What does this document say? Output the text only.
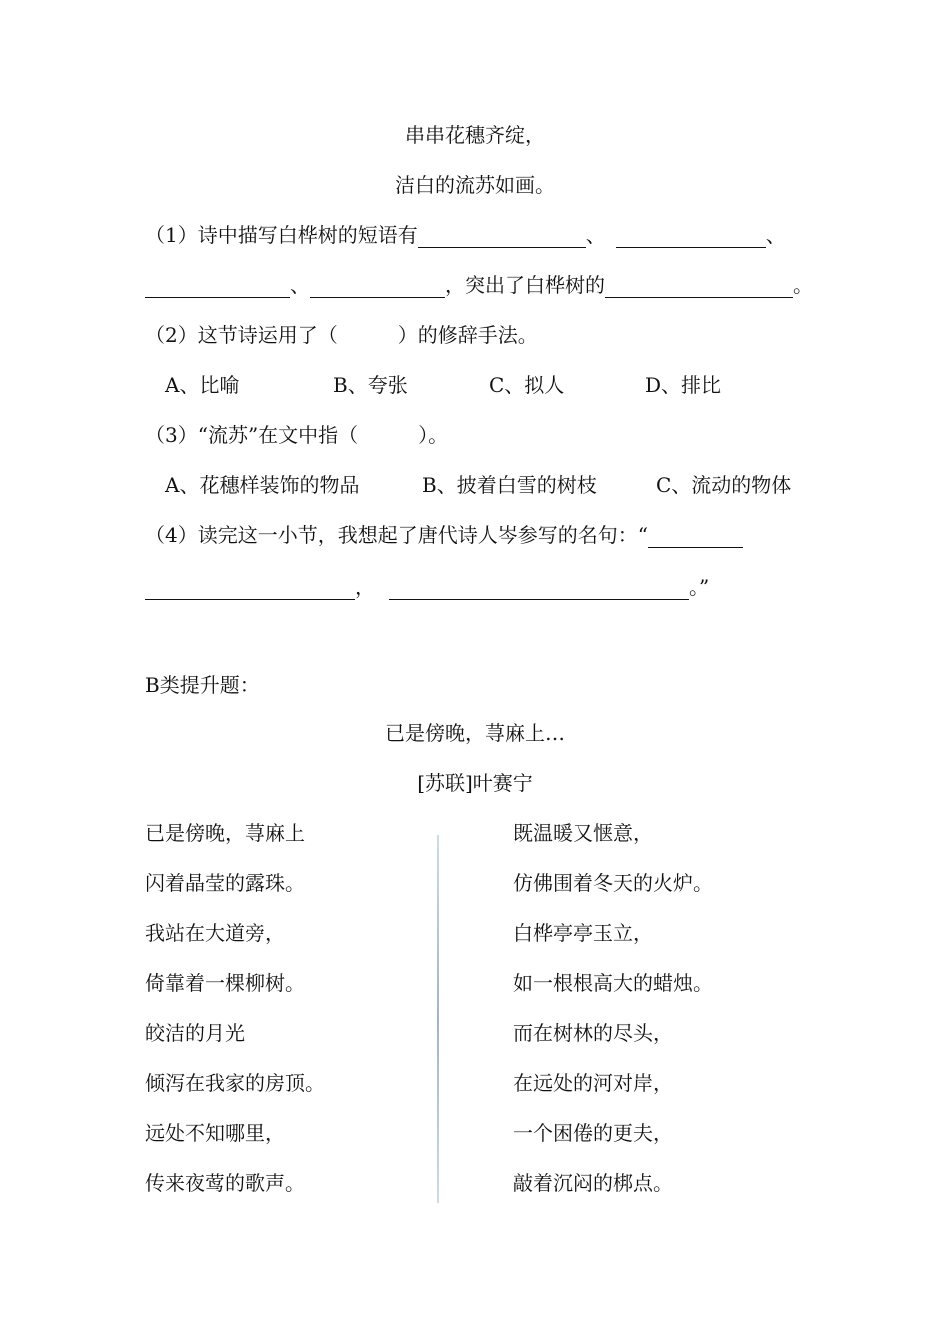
串串花穗齐绽，
洁白的流苏如画。
（1）诗中描写白桦树的短语有	、	、
、	，突出了白桦树的	。
（2）这节诗运用了（　　　）的修辞手法。
A、比喻	B、夸张	C、拟人	D、排比
（3）“流苏”在文中指（　　　）。
A、花穗样装饰的物品	B、披着白雪的树枝	C、流动的物体
（4）读完这一小节，我想起了唐代诗人岑参写的名句：“
，	。”
B类提升题：
已是傍晚，荨麻上…
[苏联]叶赛宁
已是傍晚，荨麻上
闪着晶莹的露珠。
我站在大道旁，
倚靠着一棵柳树。
皎洁的月光
倾泻在我家的房顶。
远处不知哪里，
传来夜莺的歌声。
既温暖又惬意，
仿佛围着冬天的火炉。
白桦亭亭玉立，
如一根根高大的蜡烛。
而在树林的尽头，
在远处的河对岸，
一个困倦的更夫，
敲着沉闷的梆点。
